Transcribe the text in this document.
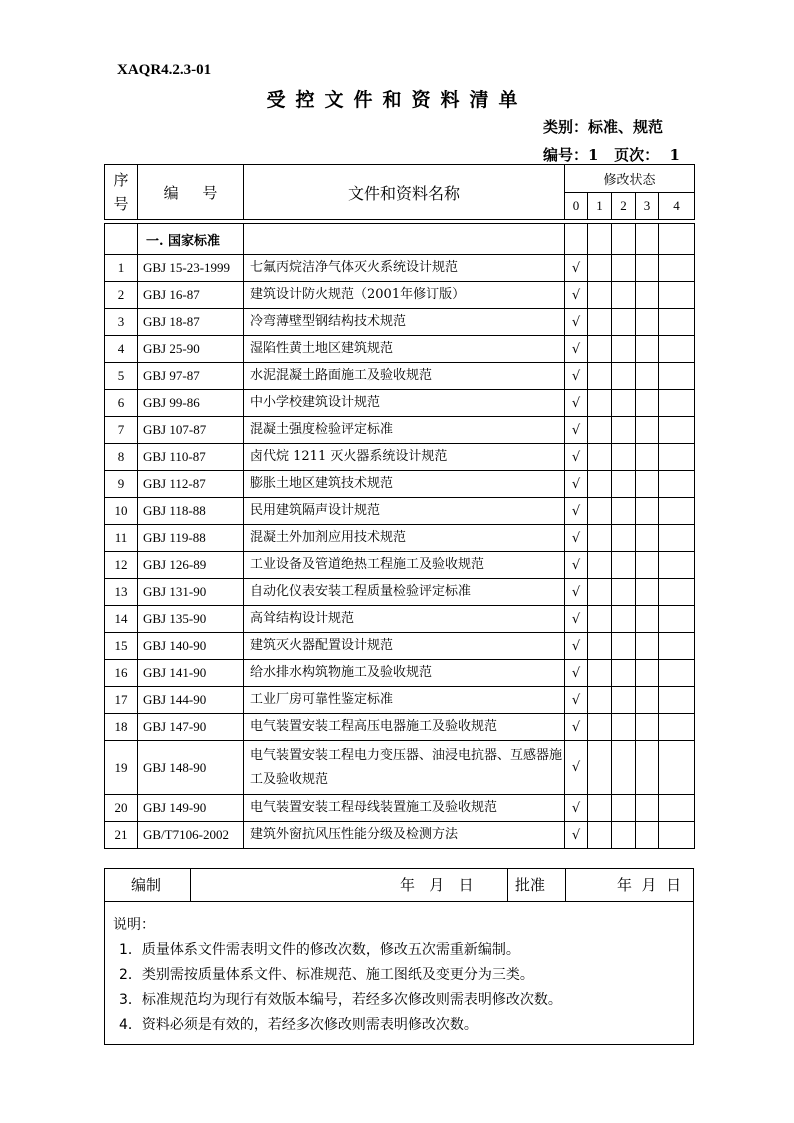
XAQR4.2.3-01
受控文件和资料清单
类别：标准、规范
编号：1   页次：  1
序号	编     号	文件和资料名称	修改状态				
			0	1	2	3	4
	一. 国家标准						
1	GBJ 15-23-1999	七氟丙烷洁净气体灭火系统设计规范	√				
2	GBJ 16-87	建筑设计防火规范（2001年修订版）	√				
3	GBJ 18-87	冷弯薄壁型钢结构技术规范	√				
4	GBJ 25-90	湿陷性黄土地区建筑规范	√				
5	GBJ 97-87	水泥混凝土路面施工及验收规范	√				
6	GBJ 99-86	中小学校建筑设计规范	√				
7	GBJ 107-87	混凝土强度检验评定标准	√				
8	GBJ 110-87	卤代烷 1211 灭火器系统设计规范	√				
9	GBJ 112-87	膨胀土地区建筑技术规范	√				
10	GBJ 118-88	民用建筑隔声设计规范	√				
11	GBJ 119-88	混凝土外加剂应用技术规范	√				
12	GBJ 126-89	工业设备及管道绝热工程施工及验收规范	√				
13	GBJ 131-90	自动化仪表安装工程质量检验评定标准	√				
14	GBJ 135-90	高耸结构设计规范	√				
15	GBJ 140-90	建筑灭火器配置设计规范	√				
16	GBJ 141-90	给水排水构筑物施工及验收规范	√				
17	GBJ 144-90	工业厂房可靠性鉴定标准	√				
18	GBJ 147-90	电气装置安装工程高压电器施工及验收规范	√				
19	GBJ 148-90	电气装置安装工程电力变压器、油浸电抗器、互感器施工及验收规范	√				
20	GBJ 149-90	电气装置安装工程母线装置施工及验收规范	√				
21	GB/T7106-2002	建筑外窗抗风压性能分级及检测方法	√				
编制	年   月   日	批准	年  月  日
说明：
1．质量体系文件需表明文件的修改次数，修改五次需重新编制。
2．类别需按质量体系文件、标准规范、施工图纸及变更分为三类。
3．标准规范均为现行有效版本编号，若经多次修改则需表明修改次数。
4．资料必须是有效的，若经多次修改则需表明修改次数。
